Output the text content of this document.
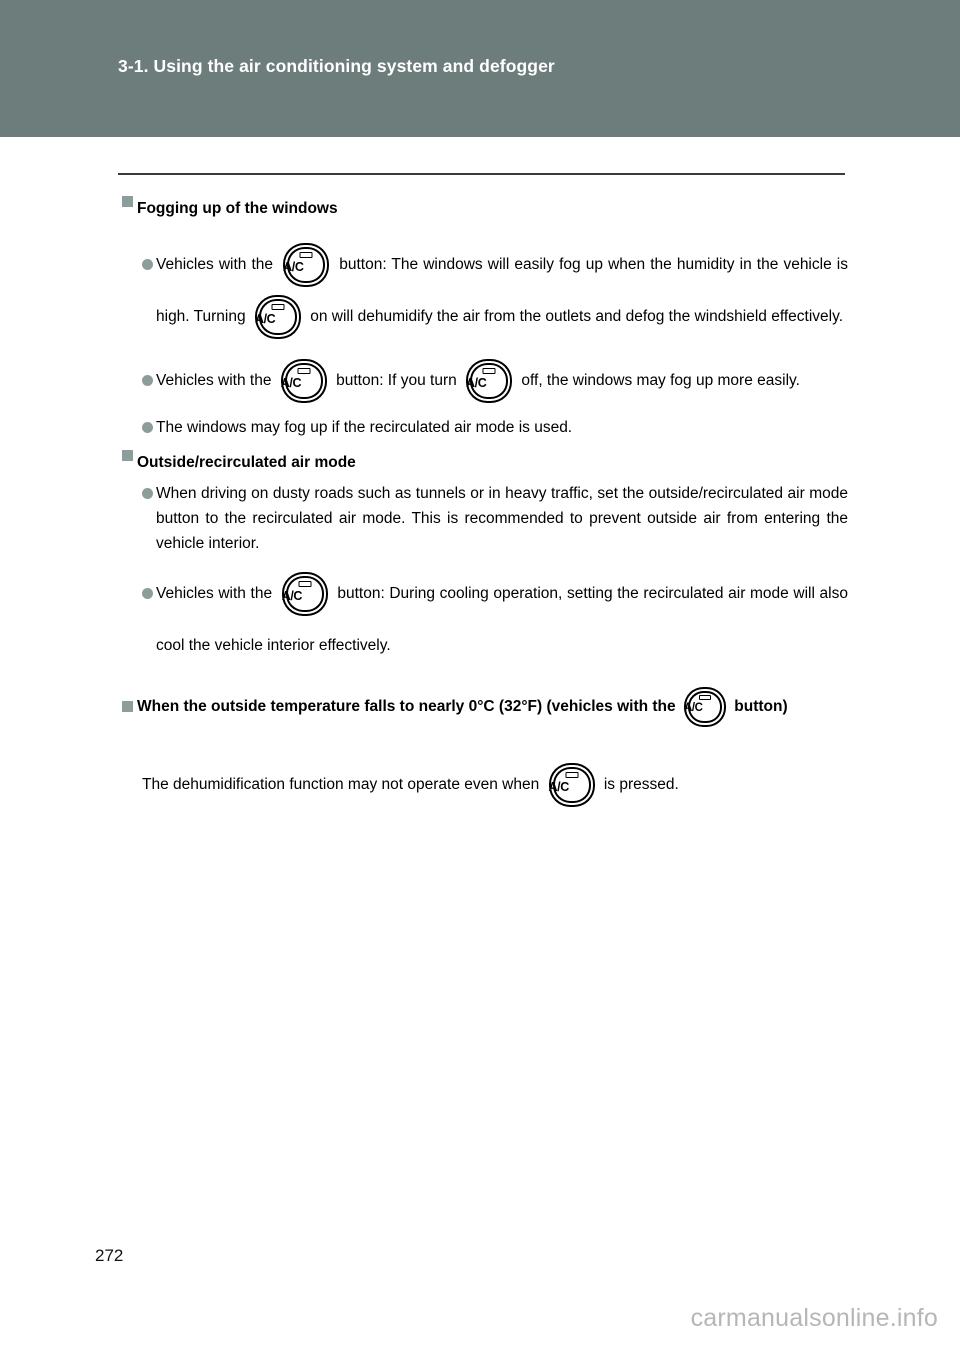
3-1. Using the air conditioning system and defogger
Fogging up of the windows
Vehicles with the A/C	button: The windows will easily fog up when the humidity in the vehicle is high. Turning A/C	on will dehumidify the air from the outlets and defog the windshield effectively.
Vehicles with the A/C	button: If you turn A/C	off, the windows may fog up more easily.
The windows may fog up if the recirculated air mode is used.
Outside/recirculated air mode
When driving on dusty roads such as tunnels or in heavy traffic, set the outside/recirculated air mode button to the recirculated air mode. This is recommended to prevent outside air from entering the vehicle interior.
Vehicles with the A/C	button: During cooling operation, setting the recirculated air mode will also cool the vehicle interior effectively.
When the outside temperature falls to nearly 0°C (32°F) (vehicles with the A/C	button)
The dehumidification function may not operate even when A/C	is pressed.
272
carmanualsonline.info
